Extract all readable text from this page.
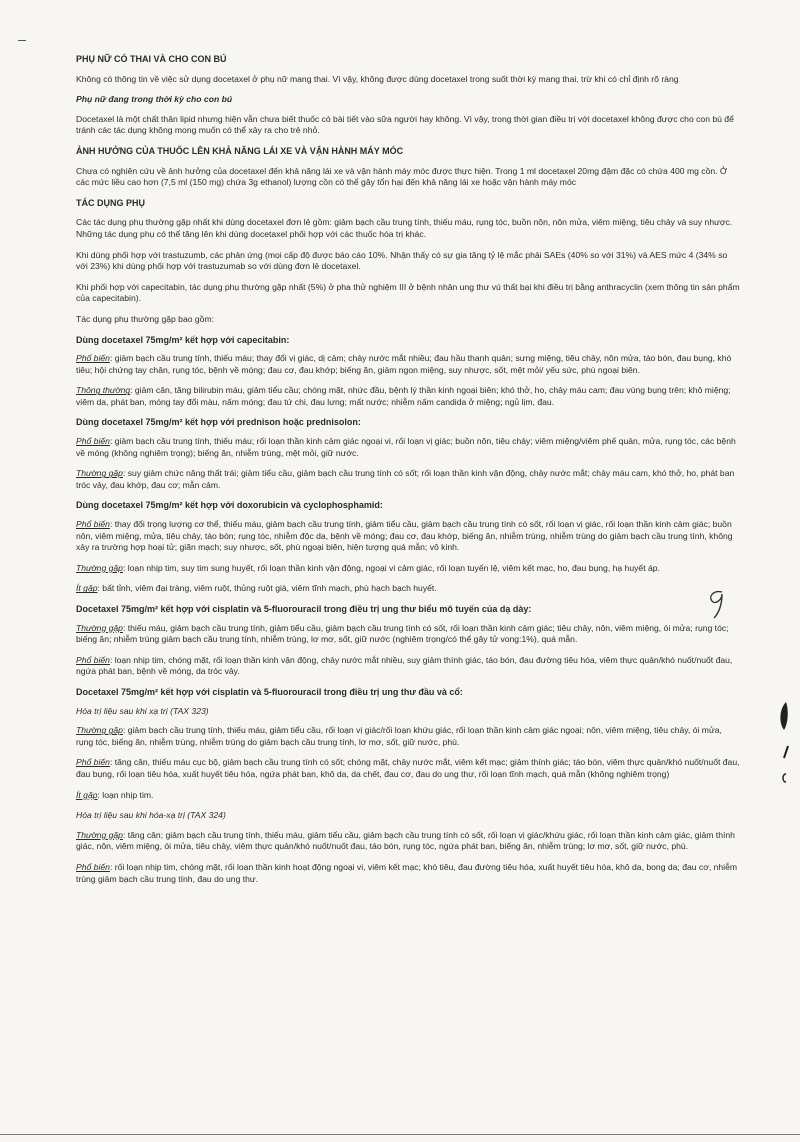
PHỤ NỮ CÓ THAI VÀ CHO CON BÚ
Không có thông tin về việc sử dụng docetaxel ở phụ nữ mang thai. Vì vậy, không được dùng docetaxel trong suốt thời kỳ mang thai, trừ khi có chỉ định rõ ràng
Phụ nữ đang trong thời kỳ cho con bú
Docetaxel là một chất thân lipid nhưng hiện vẫn chưa biết thuốc có bài tiết vào sữa người hay không. Vì vậy, trong thời gian điều trị với docetaxel không được cho con bú để tránh các tác dụng không mong muốn có thể xảy ra cho trẻ nhỏ.
ẢNH HƯỞNG CỦA THUỐC LÊN KHẢ NĂNG LÁI XE VÀ VẬN HÀNH MÁY MÓC
Chưa có nghiên cứu về ảnh hưởng của docetaxel đến khả năng lái xe và vận hành máy móc được thực hiện. Trong 1 ml docetaxel 20mg đậm đặc có chứa 400 mg cồn. Ở các mức liều cao hơn (7,5 ml (150 mg) chứa 3g ethanol) lượng cồn có thể gây tổn hại đến khả năng lái xe hoặc vận hành máy móc
TÁC DỤNG PHỤ
Các tác dụng phụ thường gặp nhất khi dùng docetaxel đơn lẻ gồm: giảm bạch cầu trung tính, thiếu máu, rụng tóc, buồn nôn, nôn mửa, viêm miệng, tiêu chảy và suy nhược. Những tác dụng phụ có thể tăng lên khi dùng docetaxel phối hợp với các thuốc hóa trị khác.
Khi dùng phối hợp với trastuzumb, các phản ứng (mọi cấp độ được báo cáo 10%. Nhận thấy có sự gia tăng tỷ lệ mắc phải SAEs (40% so với 31%) và AES mức 4 (34% so với 23%) khi dùng phối hợp với trastuzumab so với dùng đơn lẻ docetaxel.
Khi phối hợp với capecitabin, tác dụng phụ thường gặp nhất (5%) ở pha thử nghiệm III ở bệnh nhân ung thư vú thất bại khi điều trị bằng anthracyclin (xem thông tin sản phẩm của capecitabin).
Tác dụng phụ thường gặp bao gồm:
Dùng docetaxel 75mg/m² kết hợp với capecitabin:
Phổ biến: giảm bạch cầu trung tính, thiếu máu; thay đổi vị giác, dị cảm; chảy nước mắt nhiều; đau hầu thanh quản; sưng miệng, tiêu chảy, nôn mửa, táo bón, đau bụng, khó tiêu; hội chứng tay chân, rụng tóc, bệnh về móng; đau cơ, đau khớp; biếng ăn, giảm ngon miệng, suy nhược, sốt, mệt mỏi/ yếu sức, phù ngoại biên.
Thông thường: giảm cân, tăng bilirubin máu, giảm tiểu cầu; chóng mặt, nhức đầu, bệnh lý thần kinh ngoại biên; khó thở, ho, chảy máu cam; đau vùng bụng trên; khô miệng; viêm da, phát ban, móng tay đổi màu, nấm móng; đau tứ chi, đau lưng; mất nước; nhiễm nấm candida ở miệng; ngủ lịm, đau.
Dùng docetaxel 75mg/m² kết hợp với prednison hoặc prednisolon:
Phổ biến: giảm bạch cầu trung tính, thiếu máu; rối loạn thần kinh cảm giác ngoại vi, rối loạn vị giác; buồn nôn, tiêu chảy; viêm miệng/viêm phế quản, mửa, rụng tóc, các bệnh về móng (không nghiêm trọng); biếng ăn, nhiễm trùng, mệt mỏi, giữ nước.
Thường gặp: suy giảm chức năng thất trái; giảm tiểu cầu, giảm bạch cầu trung tính có sốt; rối loạn thần kinh vận động, chảy nước mắt; chảy máu cam, khó thở, ho, phát ban tróc vảy, đau khớp, đau cơ; mẫn cảm.
Dùng docetaxel 75mg/m² kết hợp với doxorubicin và cyclophosphamid:
Phổ biến: thay đổi trọng lượng cơ thể, thiếu máu, giảm bạch cầu trung tính, giảm tiểu cầu, giảm bạch cầu trung tính có sốt, rối loạn vị giác, rối loạn thần kinh cảm giác; buồn nôn, viêm miệng, mửa, tiêu chảy, táo bón; rụng tóc, nhiễm độc da, bệnh về móng; đau cơ, đau khớp, biếng ăn, nhiễm trùng, nhiễm trùng do giảm bạch cầu trung tính, không xảy ra trường hợp hoại tử; giãn mạch; suy nhược, sốt, phù ngoại biên, hiện tượng quá mẫn; vô kinh.
Thường gặp: loạn nhịp tim, suy tim sung huyết, rối loạn thần kinh vận động, ngoại vi cảm giác, rối loạn tuyến lệ, viêm kết mạc, ho, đau bụng, hạ huyết áp.
Ít gặp: bất tỉnh, viêm đại tràng, viêm ruột, thủng ruột già, viêm tĩnh mạch, phù hạch bạch huyết.
Docetaxel 75mg/m² kết hợp với cisplatin và 5-fluorouracil trong điều trị ung thư biểu mô tuyến của dạ dày:
Thường gặp: thiếu máu, giảm bạch cầu trung tính, giảm tiểu cầu, giảm bạch cầu trung tính có sốt, rối loạn thần kinh cảm giác; tiêu chảy, nôn, viêm miệng, ói mửa; rụng tóc; biếng ăn; nhiễm trùng giảm bạch cầu trung tính, nhiễm trùng, lơ mơ, sốt, giữ nước (nghiêm trọng/có thể gây tử vong:1%), quá mẫn.
Phổ biến: loạn nhịp tim, chóng mặt, rối loạn thần kinh vận động, chảy nước mắt nhiều, suy giảm thính giác, táo bón, đau đường tiêu hóa, viêm thực quản/khó nuốt/nuốt đau, ngứa phát ban, bệnh về móng, da tróc vảy.
Docetaxel 75mg/m² kết hợp với cisplatin và 5-fluorouracil trong điều trị ung thư đầu và cổ:
Hóa trị liệu sau khi xạ trị (TAX 323)
Thường gặp: giảm bạch cầu trung tính, thiếu máu, giảm tiểu cầu, rối loạn vị giác/rối loạn khứu giác, rối loạn thần kinh cảm giác ngoại; nôn, viêm miệng, tiêu chảy, ói mửa, rụng tóc, biếng ăn, nhiễm trùng, nhiễm trùng do giảm bạch cầu trung tính, lơ mơ, sốt, giữ nước, phù.
Phổ biến: tăng cân, thiếu máu cục bộ, giảm bạch cầu trung tính có sốt; chóng mặt, chảy nước mắt, viêm kết mạc; giảm thính giác; táo bón, viêm thực quản/khó nuốt/nuốt đau, đau bụng, rối loạn tiêu hóa, xuất huyết tiêu hóa, ngứa phát ban, khô da, da chết, đau cơ, đau do ung thư, rối loạn tĩnh mạch, quá mẫn (không nghiêm trọng)
Ít gặp: loạn nhịp tim.
Hóa trị liệu sau khi hóa-xạ trị (TAX 324)
Thường gặp: tăng cân; giảm bạch cầu trung tính, thiếu máu, giảm tiểu cầu, giảm bạch cầu trung tính có sốt, rối loạn vị giác/khứu giác, rối loạn thần kinh cảm giác, giảm thính giác, nôn, viêm miệng, ói mửa, tiêu chảy, viêm thực quản/khó nuốt/nuốt đau, táo bón, rụng tóc, ngứa phát ban, biếng ăn, nhiễm trùng; lơ mơ, sốt, giữ nước, phù.
Phổ biến: rối loạn nhịp tim, chóng mặt, rối loạn thần kinh hoạt động ngoại vi, viêm kết mạc; khó tiêu, đau đường tiêu hóa, xuất huyết tiêu hóa, khô da, bong da; đau cơ, nhiễm trùng giảm bạch cầu trung tính, đau do ung thư.
